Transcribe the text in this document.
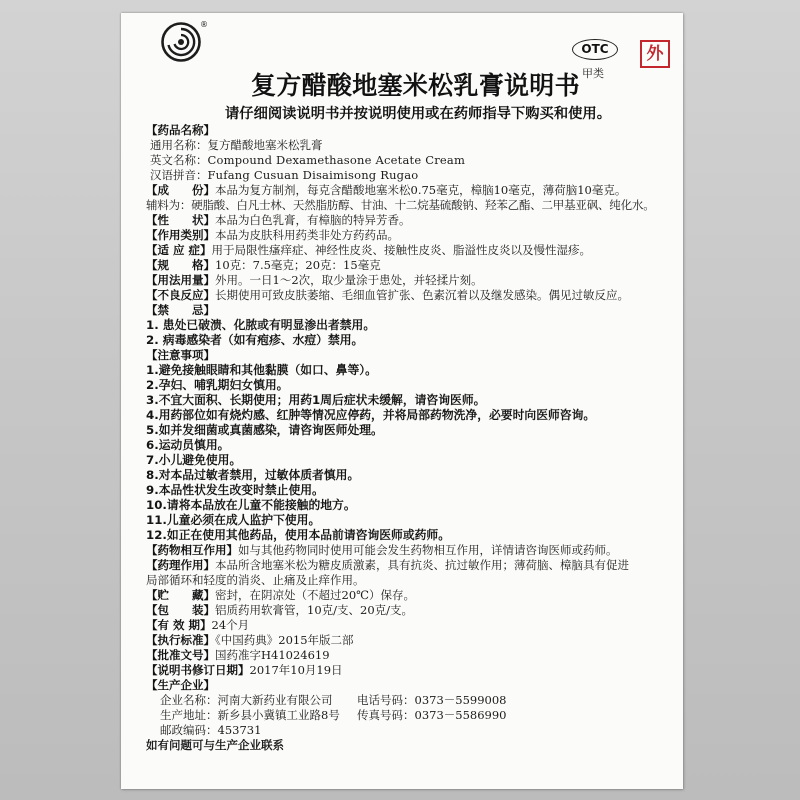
®
复方醋酸地塞米松乳膏说明书
OTC
甲类
外
请仔细阅读说明书并按说明使用或在药师指导下购买和使用。
【药品名称】
通用名称：复方醋酸地塞米松乳膏
英文名称：Compound Dexamethasone Acetate Cream
汉语拼音：Fufang Cusuan Disaimisong Rugao
【成　　份】本品为复方制剂，每克含醋酸地塞米松0.75毫克，樟脑10毫克，薄荷脑10毫克。
辅料为：硬脂酸、白凡士林、天然脂肪醇、甘油、十二烷基硫酸钠、羟苯乙酯、二甲基亚砜、纯化水。
【性　　状】本品为白色乳膏，有樟脑的特异芳香。
【作用类别】本品为皮肤科用药类非处方药药品。
【适 应 症】用于局限性瘙痒症、神经性皮炎、接触性皮炎、脂溢性皮炎以及慢性湿疹。
【规　　格】10克：7.5毫克；20克：15毫克
【用法用量】外用。一日1～2次，取少量涂于患处，并轻揉片刻。
【不良反应】长期使用可致皮肤萎缩、毛细血管扩张、色素沉着以及继发感染。偶见过敏反应。
【禁　　忌】
1. 患处已破溃、化脓或有明显渗出者禁用。
2. 病毒感染者（如有疱疹、水痘）禁用。
【注意事项】
1.避免接触眼睛和其他黏膜（如口、鼻等）。
2.孕妇、哺乳期妇女慎用。
3.不宜大面积、长期使用；用药1周后症状未缓解，请咨询医师。
4.用药部位如有烧灼感、红肿等情况应停药，并将局部药物洗净，必要时向医师咨询。
5.如并发细菌或真菌感染，请咨询医师处理。
6.运动员慎用。
7.小儿避免使用。
8.对本品过敏者禁用，过敏体质者慎用。
9.本品性状发生改变时禁止使用。
10.请将本品放在儿童不能接触的地方。
11.儿童必须在成人监护下使用。
12.如正在使用其他药品，使用本品前请咨询医师或药师。
【药物相互作用】如与其他药物同时使用可能会发生药物相互作用，详情请咨询医师或药师。
【药理作用】本品所含地塞米松为糖皮质激素，具有抗炎、抗过敏作用；薄荷脑、樟脑具有促进
局部循环和轻度的消炎、止痛及止痒作用。
【贮　　藏】密封，在阴凉处（不超过20℃）保存。
【包　　装】铝质药用软膏管，10克/支、20克/支。
【有 效 期】24个月
【执行标准】《中国药典》2015年版二部
【批准文号】国药准字H41024619
【说明书修订日期】2017年10月19日
【生产企业】
企业名称：河南大新药业有限公司 电话号码：0373－5599008
生产地址：新乡县小冀镇工业路8号 传真号码：0373－5586990
邮政编码：453731
如有问题可与生产企业联系
